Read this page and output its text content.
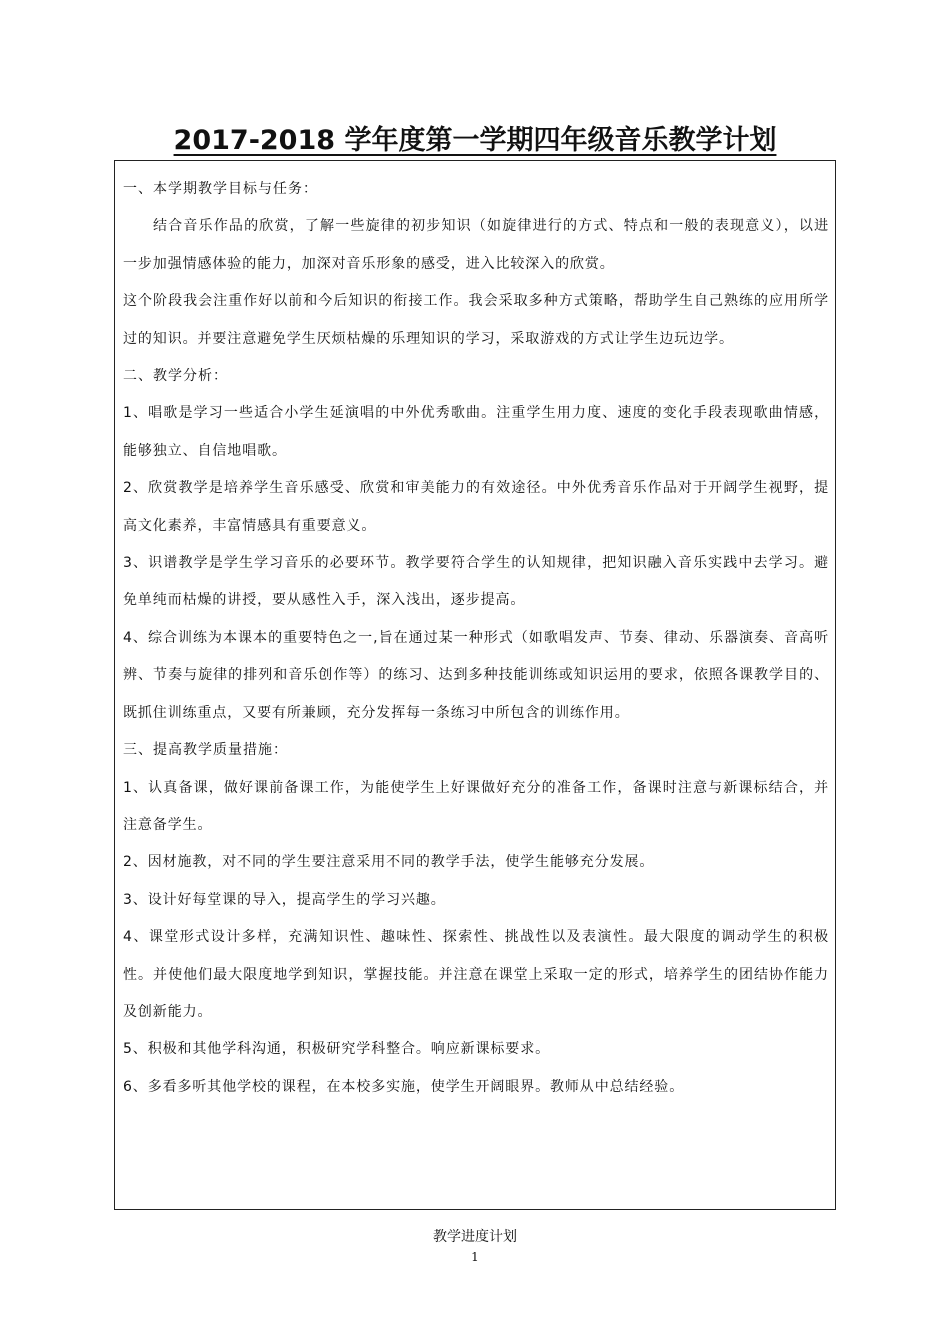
2017-2018 学年度第一学期四年级音乐教学计划

一、本学期教学目标与任务：

结合音乐作品的欣赏，了解一些旋律的初步知识（如旋律进行的方式、特点和一般的表现意义），以进一步加强情感体验的能力，加深对音乐形象的感受，进入比较深入的欣赏。

这个阶段我会注重作好以前和今后知识的衔接工作。我会采取多种方式策略，帮助学生自己熟练的应用所学过的知识。并要注意避免学生厌烦枯燥的乐理知识的学习，采取游戏的方式让学生边玩边学。

二、教学分析：

1、唱歌是学习一些适合小学生延演唱的中外优秀歌曲。注重学生用力度、速度的变化手段表现歌曲情感，能够独立、自信地唱歌。

2、欣赏教学是培养学生音乐感受、欣赏和审美能力的有效途径。中外优秀音乐作品对于开阔学生视野，提高文化素养，丰富情感具有重要意义。

3、识谱教学是学生学习音乐的必要环节。教学要符合学生的认知规律，把知识融入音乐实践中去学习。避免单纯而枯燥的讲授，要从感性入手，深入浅出，逐步提高。

4、综合训练为本课本的重要特色之一,旨在通过某一种形式（如歌唱发声、节奏、律动、乐器演奏、音高听辨、节奏与旋律的排列和音乐创作等）的练习、达到多种技能训练或知识运用的要求，依照各课教学目的、既抓住训练重点，又要有所兼顾，充分发挥每一条练习中所包含的训练作用。

三、提高教学质量措施：

1、认真备课，做好课前备课工作，为能使学生上好课做好充分的准备工作，备课时注意与新课标结合，并注意备学生。

2、因材施教，对不同的学生要注意采用不同的教学手法，使学生能够充分发展。

3、设计好每堂课的导入，提高学生的学习兴趣。

4、课堂形式设计多样，充满知识性、趣味性、探索性、挑战性以及表演性。最大限度的调动学生的积极性。并使他们最大限度地学到知识，掌握技能。并注意在课堂上采取一定的形式，培养学生的团结协作能力及创新能力。

5、积极和其他学科沟通，积极研究学科整合。响应新课标要求。

6、多看多听其他学校的课程，在本校多实施，使学生开阔眼界。教师从中总结经验。

教学进度计划
1
